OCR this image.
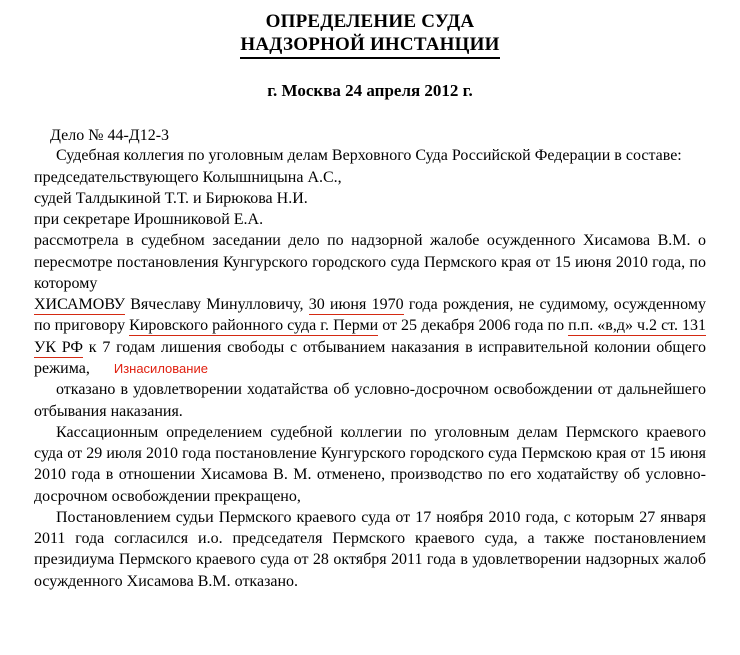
ОПРЕДЕЛЕНИЕ СУДА
НАДЗОРНОЙ ИНСТАНЦИИ
г. Москва 24 апреля 2012 г.
Дело № 44-Д12-3

Судебная коллегия по уголовным делам Верховного Суда Российской Федерации в составе:

председательствующего Колышницына А.С.,
судей Талдыкиной Т.Т. и Бирюкова Н.И.
при секретаре Ирошниковой Е.А.

рассмотрела в судебном заседании дело по надзорной жалобе осужденного Хисамова В.М. о пересмотре постановления Кунгурского городского суда Пермского края от 15 июня 2010 года, по которому

ХИСАМОВУ Вячеславу Минулловичу, 30 июня 1970 года рождения, не судимому, осужденному по приговору Кировского районного суда г. Перми от 25 декабря 2006 года по п.п. «в,д» ч.2 ст. 131 УК РФ к 7 годам лишения свободы с отбыванием наказания в исправительной колонии общего режима, Изнасилование

отказано в удовлетворении ходатайства об условно-досрочном освобождении от дальнейшего отбывания наказания.

Кассационным определением судебной коллегии по уголовным делам Пермского краевого суда от 29 июля 2010 года постановление Кунгурского городского суда Пермскою края от 15 июня 2010 года в отношении Хисамова В. М. отменено, производство по его ходатайству об условно-досрочном освобождении прекращено,

Постановлением судьи Пермского краевого суда от 17 ноября 2010 года, с которым 27 января 2011 года согласился и.о. председателя Пермского краевого суда, а также постановлением президиума Пермского краевого суда от 28 октября 2011 года в удовлетворении надзорных жалоб осужденного Хисамова В.М. отказано.
